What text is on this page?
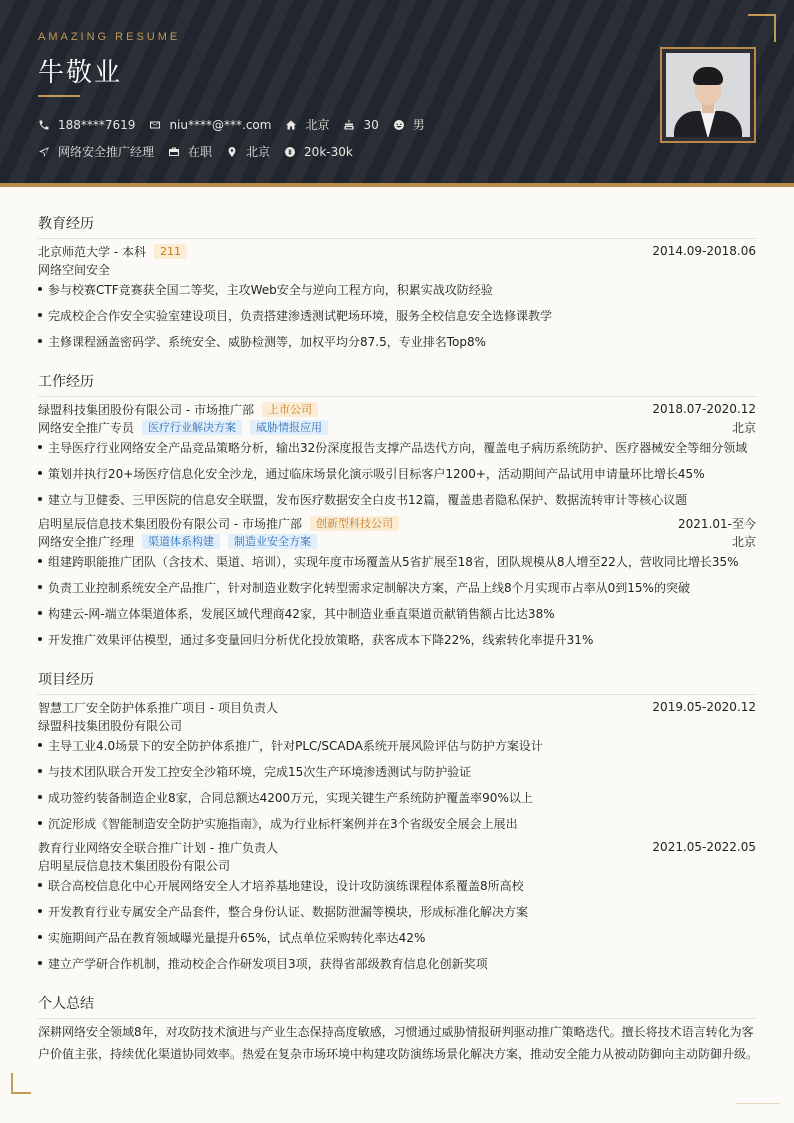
AMAZING RESUME
牛敬业
188****7619	niu****@***.com	北京	30	男
网络安全推广经理	在职	北京	20k-30k
教育经历
北京师范大学 - 本科	211	2014.09-2018.06
网络空间安全
参与校赛CTF竞赛获全国二等奖，主攻Web安全与逆向工程方向，积累实战攻防经验
完成校企合作安全实验室建设项目，负责搭建渗透测试靶场环境，服务全校信息安全选修课教学
主修课程涵盖密码学、系统安全、威胁检测等，加权平均分87.5，专业排名Top8%
工作经历
绿盟科技集团股份有限公司 - 市场推广部	上市公司	2018.07-2020.12
网络安全推广专员	医疗行业解决方案	威胁情报应用	北京
主导医疗行业网络安全产品竞品策略分析，输出32份深度报告支撑产品迭代方向，覆盖电子病历系统防护、医疗器械安全等细分领域
策划并执行20+场医疗信息化安全沙龙，通过临床场景化演示吸引目标客户1200+，活动期间产品试用申请量环比增长45%
建立与卫健委、三甲医院的信息安全联盟，发布医疗数据安全白皮书12篇，覆盖患者隐私保护、数据流转审计等核心议题
启明星辰信息技术集团股份有限公司 - 市场推广部	创新型科技公司	2021.01-至今
网络安全推广经理	渠道体系构建	制造业安全方案	北京
组建跨职能推广团队（含技术、渠道、培训），实现年度市场覆盖从5省扩展至18省，团队规模从8人增至22人，营收同比增长35%
负责工业控制系统安全产品推广，针对制造业数字化转型需求定制解决方案，产品上线8个月实现市占率从0到15%的突破
构建云-网-端立体渠道体系，发展区域代理商42家，其中制造业垂直渠道贡献销售额占比达38%
开发推广效果评估模型，通过多变量回归分析优化投放策略，获客成本下降22%，线索转化率提升31%
项目经历
智慧工厂安全防护体系推广项目 - 项目负责人	2019.05-2020.12
绿盟科技集团股份有限公司
主导工业4.0场景下的安全防护体系推广，针对PLC/SCADA系统开展风险评估与防护方案设计
与技术团队联合开发工控安全沙箱环境，完成15次生产环境渗透测试与防护验证
成功签约装备制造企业8家，合同总额达4200万元，实现关键生产系统防护覆盖率90%以上
沉淀形成《智能制造安全防护实施指南》，成为行业标杆案例并在3个省级安全展会上展出
教育行业网络安全联合推广计划 - 推广负责人	2021.05-2022.05
启明星辰信息技术集团股份有限公司
联合高校信息化中心开展网络安全人才培养基地建设，设计攻防演练课程体系覆盖8所高校
开发教育行业专属安全产品套件，整合身份认证、数据防泄漏等模块，形成标准化解决方案
实施期间产品在教育领域曝光量提升65%，试点单位采购转化率达42%
建立产学研合作机制，推动校企合作研发项目3项，获得省部级教育信息化创新奖项
个人总结
深耕网络安全领域8年，对攻防技术演进与产业生态保持高度敏感，习惯通过威胁情报研判驱动推广策略迭代。擅长将技术语言转化为客户价值主张，持续优化渠道协同效率。热爱在复杂市场环境中构建攻防演练场景化解决方案，推动安全能力从被动防御向主动防御升级。
